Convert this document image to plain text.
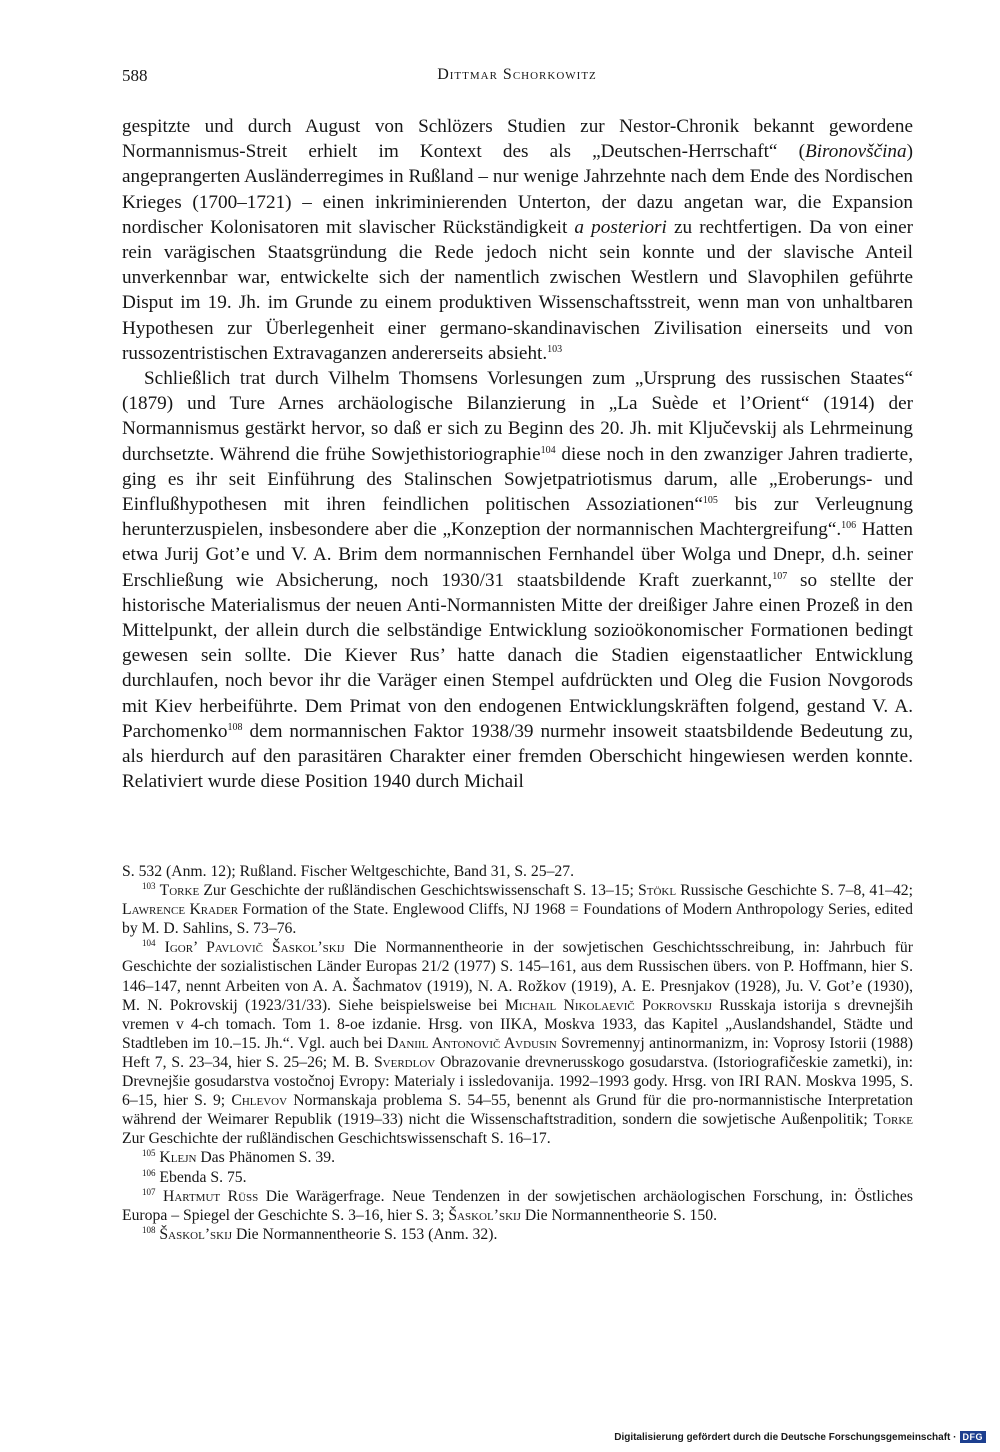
588	Dittmar Schorkowitz

gespitzte und durch August von Schlözers Studien zur Nestor-Chronik bekannt gewordene Normannismus-Streit erhielt im Kontext des als „Deutschen-Herrschaft“ (Bironovščina) angeprangerten Ausländerregimes in Rußland – nur wenige Jahrzehnte nach dem Ende des Nordischen Krieges (1700–1721) – einen inkriminierenden Unterton, der dazu angetan war, die Expansion nordischer Kolonisatoren mit slavischer Rückständigkeit a posteriori zu rechtfertigen. Da von einer rein varägischen Staatsgründung die Rede jedoch nicht sein konnte und der slavische Anteil unverkennbar war, entwickelte sich der namentlich zwischen Westlern und Slavophilen geführte Disput im 19. Jh. im Grunde zu einem produktiven Wissenschaftsstreit, wenn man von unhaltbaren Hypothesen zur Überlegenheit einer germano-skandinavischen Zivilisation einerseits und von russozentristischen Extravaganzen andererseits absieht.$^{103}$

Schließlich trat durch Vilhelm Thomsens Vorlesungen zum „Ursprung des russischen Staates“ (1879) und Ture Arnes archäologische Bilanzierung in „La Suède et l’Orient“ (1914) der Normannismus gestärkt hervor, so daß er sich zu Beginn des 20. Jh. mit Ključevskij als Lehrmeinung durchsetzte. Während die frühe Sowjethistoriographie$^{104}$ diese noch in den zwanziger Jahren tradierte, ging es ihr seit Einführung des Stalinschen Sowjetpatriotismus darum, alle „Eroberungs- und Einflußhypothesen mit ihren feindlichen politischen Assoziationen“$^{105}$ bis zur Verleugnung herunterzuspielen, insbesondere aber die „Konzeption der normannischen Machtergreifung“.$^{106}$ Hatten etwa Jurij Got’e und V. A. Brim dem normannischen Fernhandel über Wolga und Dnepr, d.h. seiner Erschließung wie Absicherung, noch 1930/31 staatsbildende Kraft zuerkannt,$^{107}$ so stellte der historische Materialismus der neuen Anti-Normannisten Mitte der dreißiger Jahre einen Prozeß in den Mittelpunkt, der allein durch die selbständige Entwicklung sozioökonomischer Formationen bedingt gewesen sein sollte. Die Kiever Rus’ hatte danach die Stadien eigenstaatlicher Entwicklung durchlaufen, noch bevor ihr die Varäger einen Stempel aufdrückten und Oleg die Fusion Novgorods mit Kiev herbeiführte. Dem Primat von den endogenen Entwicklungskräften folgend, gestand V. A. Parchomenko$^{108}$ dem normannischen Faktor 1938/39 nurmehr insoweit staatsbildende Bedeutung zu, als hierdurch auf den parasitären Charakter einer fremden Oberschicht hingewiesen werden konnte. Relativiert wurde diese Position 1940 durch Michail

S. 532 (Anm. 12); Rußland. Fischer Weltgeschichte, Band 31, S. 25–27.

$^{103}$ Torke Zur Geschichte der rußländischen Geschichtswissenschaft S. 13–15; Stökl Russische Geschichte S. 7–8, 41–42; Lawrence Krader Formation of the State. Englewood Cliffs, NJ 1968 = Foundations of Modern Anthropology Series, edited by M. D. Sahlins, S. 73–76.

$^{104}$ Igor’ Pavlovič Šaskol’skij Die Normannentheorie in der sowjetischen Geschichtsschreibung, in: Jahrbuch für Geschichte der sozialistischen Länder Europas 21/2 (1977) S. 145–161, aus dem Russischen übers. von P. Hoffmann, hier S. 146–147, nennt Arbeiten von A. A. Šachmatov (1919), N. A. Rožkov (1919), A. E. Presnjakov (1928), Ju. V. Got’e (1930), M. N. Pokrovskij (1923/31/33). Siehe beispielsweise bei Michail Nikolaevič Pokrovskij Russkaja istorija s drevnejših vremen v 4-ch tomach. Tom 1. 8-oe izdanie. Hrsg. von IIKA, Moskva 1933, das Kapitel „Auslandshandel, Städte und Stadtleben im 10.–15. Jh.“. Vgl. auch bei Daniil Antonovič Avdusin Sovremennyj antinormanizm, in: Voprosy Istorii (1988) Heft 7, S. 23–34, hier S. 25–26; M. B. Sverdlov Obrazovanie drevnerusskogo gosudarstva. (Istoriografičeskie zametki), in: Drevnejšie gosudarstva vostočnoj Evropy: Materialy i issledovanija. 1992–1993 gody. Hrsg. von IRI RAN. Moskva 1995, S. 6–15, hier S. 9; Chlevov Normanskaja problema S. 54–55, benennt als Grund für die pro-normannistische Interpretation während der Weimarer Republik (1919–33) nicht die Wissenschaftstradition, sondern die sowjetische Außenpolitik; Torke Zur Geschichte der rußländischen Geschichtswissenschaft S. 16–17.

$^{105}$ Klejn Das Phänomen S. 39.

$^{106}$ Ebenda S. 75.

$^{107}$ Hartmut Rüss Die Warägerfrage. Neue Tendenzen in der sowjetischen archäologischen Forschung, in: Östliches Europa – Spiegel der Geschichte S. 3–16, hier S. 3; Šaskol’skij Die Normannentheorie S. 150.

$^{108}$ Šaskol’skij Die Normannentheorie S. 153 (Anm. 32).

Digitalisierung gefördert durch die Deutsche Forschungsgemeinschaft · DFG
